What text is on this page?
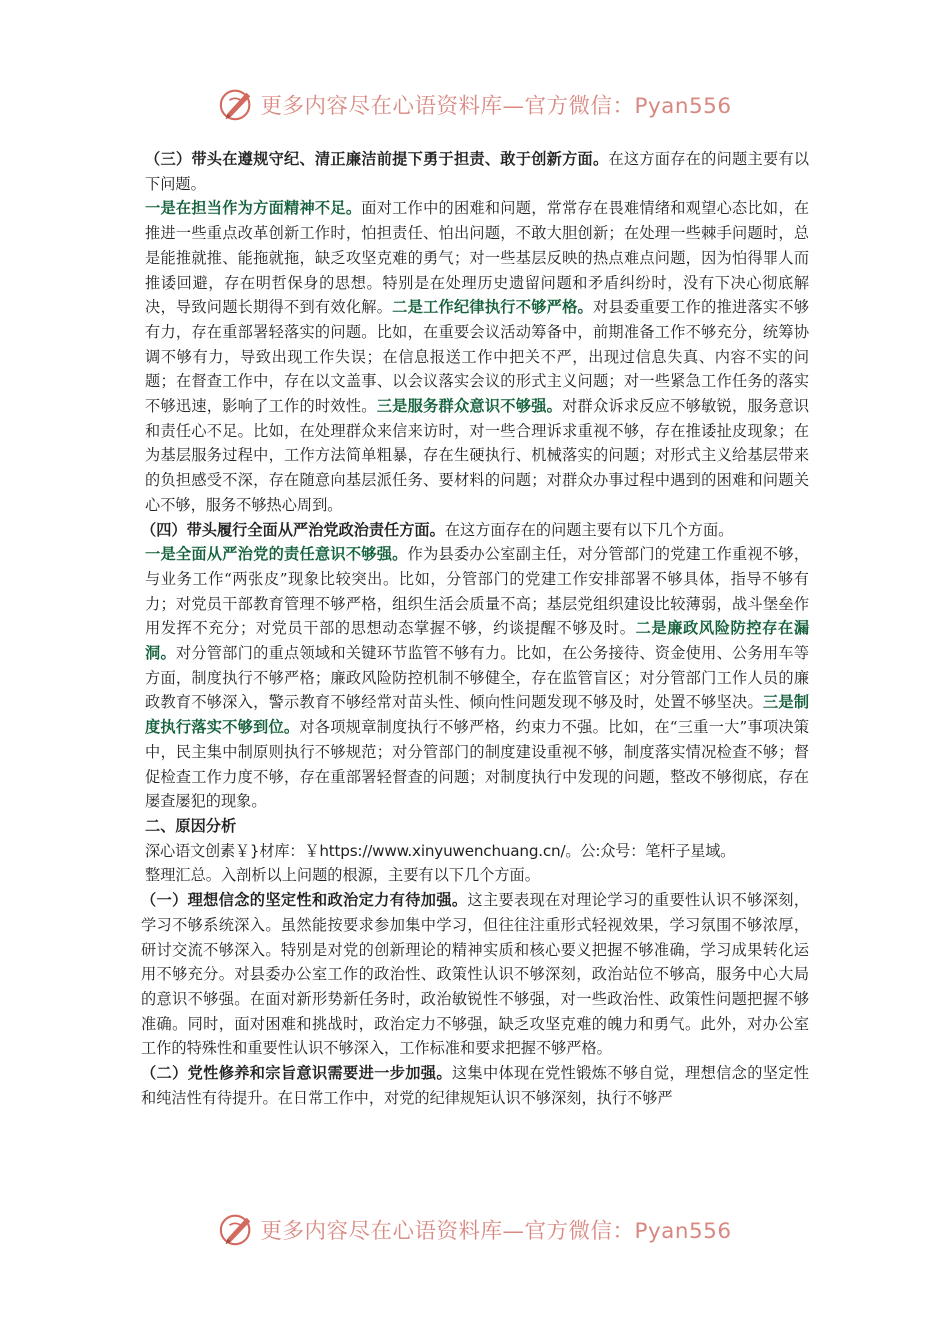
更多内容尽在心语资料库—官方微信：Pyan556

（三）带头在遵规守纪、清正廉洁前提下勇于担责、敢于创新方面。在这方面存在的问题主要有以下问题。

一是在担当作为方面精神不足。面对工作中的困难和问题，常常存在畏难情绪和观望心态比如，在推进一些重点改革创新工作时，怕担责任、怕出问题，不敢大胆创新；在处理一些棘手问题时，总是能推就推、能拖就拖，缺乏攻坚克难的勇气；对一些基层反映的热点难点问题，因为怕得罪人而推诿回避，存在明哲保身的思想。特别是在处理历史遗留问题和矛盾纠纷时，没有下决心彻底解决，导致问题长期得不到有效化解。二是工作纪律执行不够严格。对县委重要工作的推进落实不够有力，存在重部署轻落实的问题。比如，在重要会议活动筹备中，前期准备工作不够充分，统筹协调不够有力，导致出现工作失误；在信息报送工作中把关不严，出现过信息失真、内容不实的问题；在督查工作中，存在以文盖事、以会议落实会议的形式主义问题；对一些紧急工作任务的落实不够迅速，影响了工作的时效性。三是服务群众意识不够强。对群众诉求反应不够敏锐，服务意识和责任心不足。比如，在处理群众来信来访时，对一些合理诉求重视不够，存在推诿扯皮现象；在为基层服务过程中，工作方法简单粗暴，存在生硬执行、机械落实的问题；对形式主义给基层带来的负担感受不深，存在随意向基层派任务、要材料的问题；对群众办事过程中遇到的困难和问题关心不够，服务不够热心周到。

（四）带头履行全面从严治党政治责任方面。在这方面存在的问题主要有以下几个方面。

一是全面从严治党的责任意识不够强。作为县委办公室副主任，对分管部门的党建工作重视不够，与业务工作“两张皮”现象比较突出。比如，分管部门的党建工作安排部署不够具体，指导不够有力；对党员干部教育管理不够严格，组织生活会质量不高；基层党组织建设比较薄弱，战斗堡垒作用发挥不充分；对党员干部的思想动态掌握不够，约谈提醒不够及时。二是廉政风险防控存在漏洞。对分管部门的重点领域和关键环节监管不够有力。比如，在公务接待、资金使用、公务用车等方面，制度执行不够严格；廉政风险防控机制不够健全，存在监管盲区；对分管部门工作人员的廉政教育不够深入，警示教育不够经常对苗头性、倾向性问题发现不够及时，处置不够坚决。三是制度执行落实不够到位。对各项规章制度执行不够严格，约束力不强。比如，在“三重一大”事项决策中，民主集中制原则执行不够规范；对分管部门的制度建设重视不够，制度落实情况检查不够；督促检查工作力度不够，存在重部署轻督查的问题；对制度执行中发现的问题，整改不够彻底，存在屡查屡犯的现象。

二、原因分析

深心语文创素￥}材库：￥https://www.xinyuwenchuang.cn/。公:众号：笔杆子星域。

整理汇总。入剖析以上问题的根源，主要有以下几个方面。

（一）理想信念的坚定性和政治定力有待加强。这主要表现在对理论学习的重要性认识不够深刻，学习不够系统深入。虽然能按要求参加集中学习，但往往注重形式轻视效果，学习氛围不够浓厚，研讨交流不够深入。特别是对党的创新理论的精神实质和核心要义把握不够准确，学习成果转化运用不够充分。对县委办公室工作的政治性、政策性认识不够深刻，政治站位不够高，服务中心大局的意识不够强。在面对新形势新任务时，政治敏锐性不够强，对一些政治性、政策性问题把握不够准确。同时，面对困难和挑战时，政治定力不够强，缺乏攻坚克难的魄力和勇气。此外，对办公室工作的特殊性和重要性认识不够深入，工作标准和要求把握不够严格。

（二）党性修养和宗旨意识需要进一步加强。这集中体现在党性锻炼不够自觉，理想信念的坚定性和纯洁性有待提升。在日常工作中，对党的纪律规矩认识不够深刻，执行不够严

更多内容尽在心语资料库—官方微信：Pyan556
